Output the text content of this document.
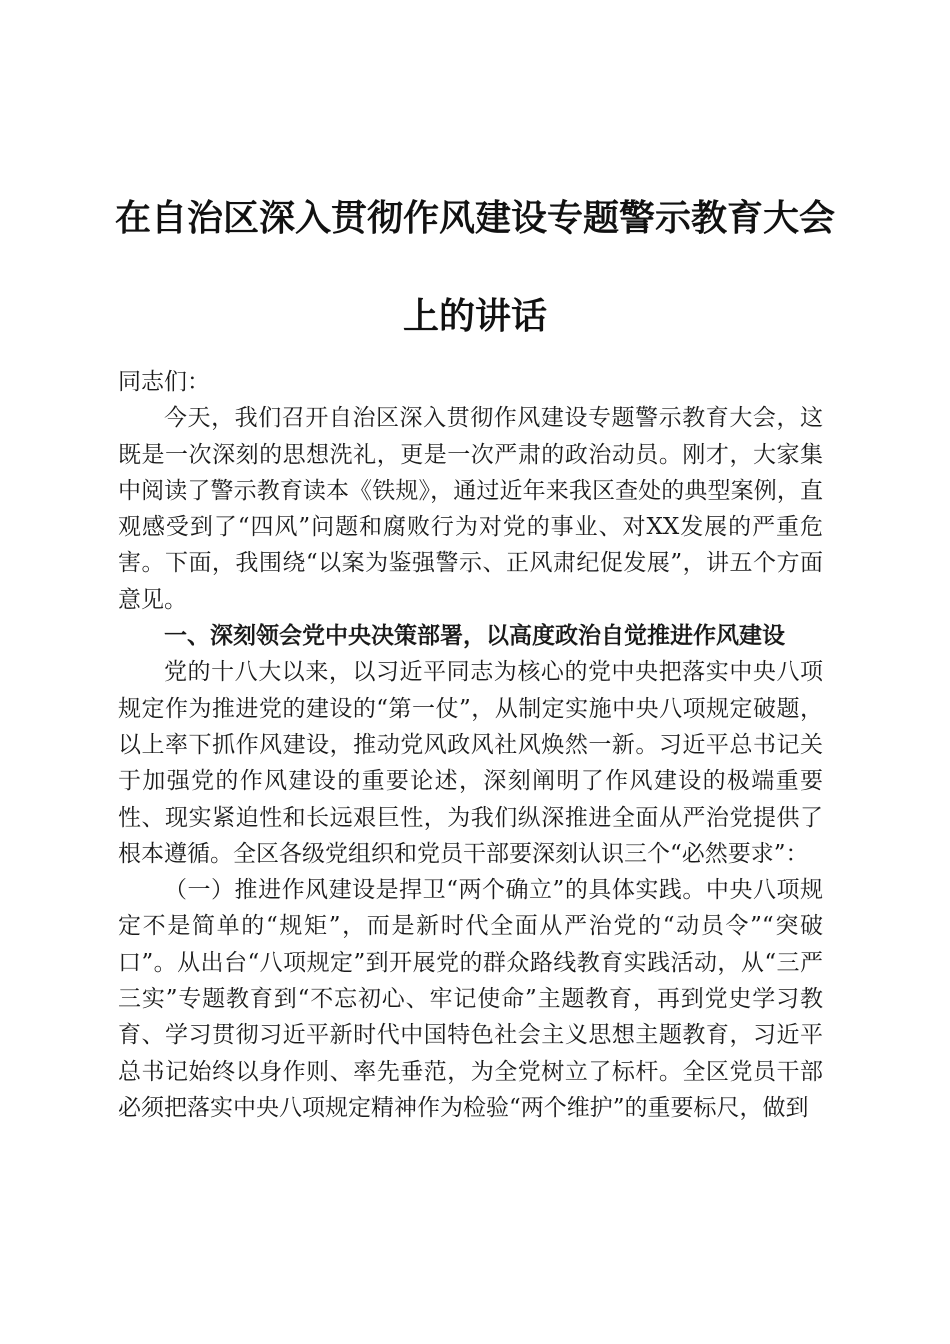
在自治区深入贯彻作风建设专题警示教育大会
上的讲话

同志们：

今天，我们召开自治区深入贯彻作风建设专题警示教育大会，这既是一次深刻的思想洗礼，更是一次严肃的政治动员。刚才，大家集中阅读了警示教育读本《铁规》，通过近年来我区查处的典型案例，直观感受到了“四风”问题和腐败行为对党的事业、对XX发展的严重危害。下面，我围绕“以案为鉴强警示、正风肃纪促发展”，讲五个方面意见。

一、深刻领会党中央决策部署，以高度政治自觉推进作风建设

党的十八大以来，以习近平同志为核心的党中央把落实中央八项规定作为推进党的建设的“第一仗”，从制定实施中央八项规定破题，以上率下抓作风建设，推动党风政风社风焕然一新。习近平总书记关于加强党的作风建设的重要论述，深刻阐明了作风建设的极端重要性、现实紧迫性和长远艰巨性，为我们纵深推进全面从严治党提供了根本遵循。全区各级党组织和党员干部要深刻认识三个“必然要求”：

（一）推进作风建设是捍卫“两个确立”的具体实践。中央八项规定不是简单的“规矩”，而是新时代全面从严治党的“动员令”“突破口”。从出台“八项规定”到开展党的群众路线教育实践活动，从“三严三实”专题教育到“不忘初心、牢记使命”主题教育，再到党史学习教育、学习贯彻习近平新时代中国特色社会主义思想主题教育，习近平总书记始终以身作则、率先垂范，为全党树立了标杆。全区党员干部必须把落实中央八项规定精神作为检验“两个维护”的重要标尺，做到
